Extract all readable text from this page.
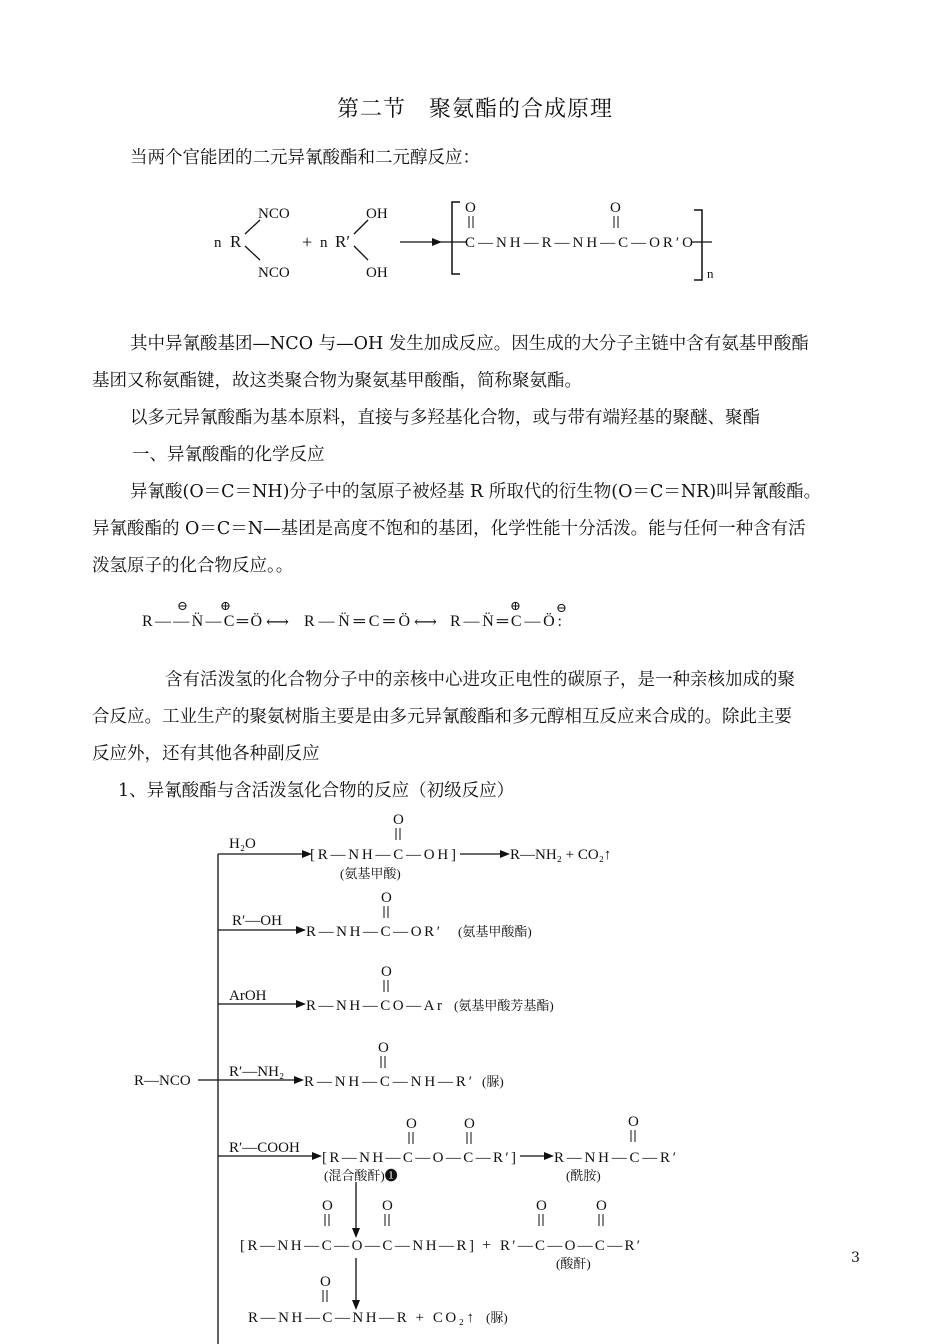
第二节　聚氨酯的合成原理
当两个官能团的二元异氰酸酯和二元醇反应：
n R
NCO
NCO
+ n R′
OH
OH
O	O
C—NH—R—NH—C—OR′O
n
其中异氰酸基团—NCO 与—OH 发生加成反应。因生成的大分子主链中含有氨基甲酸酯
基团又称氨酯键，故这类聚合物为聚氨基甲酸酯，简称聚氨酯。
以多元异氰酸酯为基本原料，直接与多羟基化合物，或与带有端羟基的聚醚、聚酯
一、异氰酸酯的化学反应
异氰酸(O＝C＝NH)分子中的氢原子被烃基 R 所取代的衍生物(O＝C＝NR)叫异氰酸酯。
异氰酸酯的 O＝C＝N—基团是高度不饱和的基团，化学性能十分活泼。能与任何一种含有活
泼氢原子的化合物反应。。
⊖ ⊕
R——N̈—C═Ö ⟷ R—N̈═C═Ö ⟷
⊕	⊖
R—N̈═C—Ö:
含有活泼氢的化合物分子中的亲核中心进攻正电性的碳原子，是一种亲核加成的聚
合反应。工业生产的聚氨树脂主要是由多元异氰酸酯和多元醇相互反应来合成的。除此主要
反应外，还有其他各种副反应
1、异氰酸酯与含活泼氢化合物的反应（初级反应）
R—NCO
H₂O
O
[R—NH—C—OH]
(氨基甲酸)
R—NH₂ + CO₂↑
R′—OH
O
R—NH—C—OR′ (氨基甲酸酯)
ArOH
O
R—NH—CO—Ar (氨基甲酸芳基酯)
R′—NH₂
O
R—NH—C—NH—R′ (脲)
R′—COOH
O	O
[R—NH—C—O—C—R′]
(混合酸酐)❶
O
R—NH—C—R′
(酰胺)
O	O
[R—NH—C—O—C—NH—R] +
O	O
R′—C—O—C—R′
(酸酐)
O
R—NH—C—NH—R + CO₂↑ (脲)
3
